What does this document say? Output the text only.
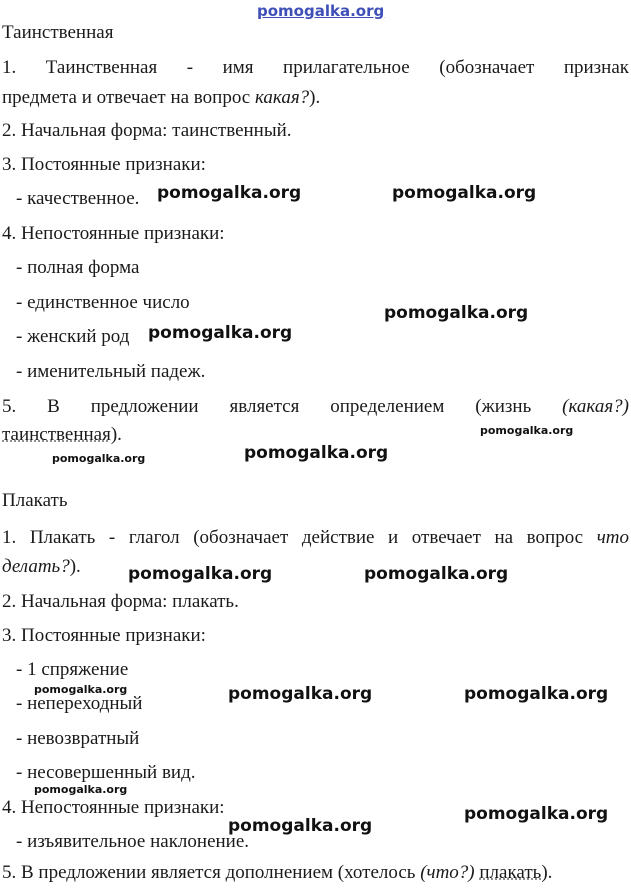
pomogalka.org
Таинственная
1. Таинственная - имя прилагательное (обозначает признак
предмета и отвечает на вопрос какая?).
2. Начальная форма: таинственный.
3. Постоянные признаки:
- качественное.
4. Непостоянные признаки:
- полная форма
- единственное число
- женский род
- именительный падеж.
5. В предложении является определением (жизнь (какая?)
таинственная).
Плакать
1. Плакать - глагол (обозначает действие и отвечает на вопрос что
делать?).
2. Начальная форма: плакать.
3. Постоянные признаки:
- 1 спряжение
- непереходный
- невозвратный
- несовершенный вид.
4. Непостоянные признаки:
- изъявительное наклонение.
5. В предложении является дополнением (хотелось (что?) плакать).
pomogalka.org	pomogalka.org
pomogalka.org
pomogalka.org
pomogalka.org
pomogalka.org
pomogalka.org
pomogalka.org	pomogalka.org
pomogalka.org	pomogalka.org	pomogalka.org
pomogalka.org
pomogalka.org
pomogalka.org
